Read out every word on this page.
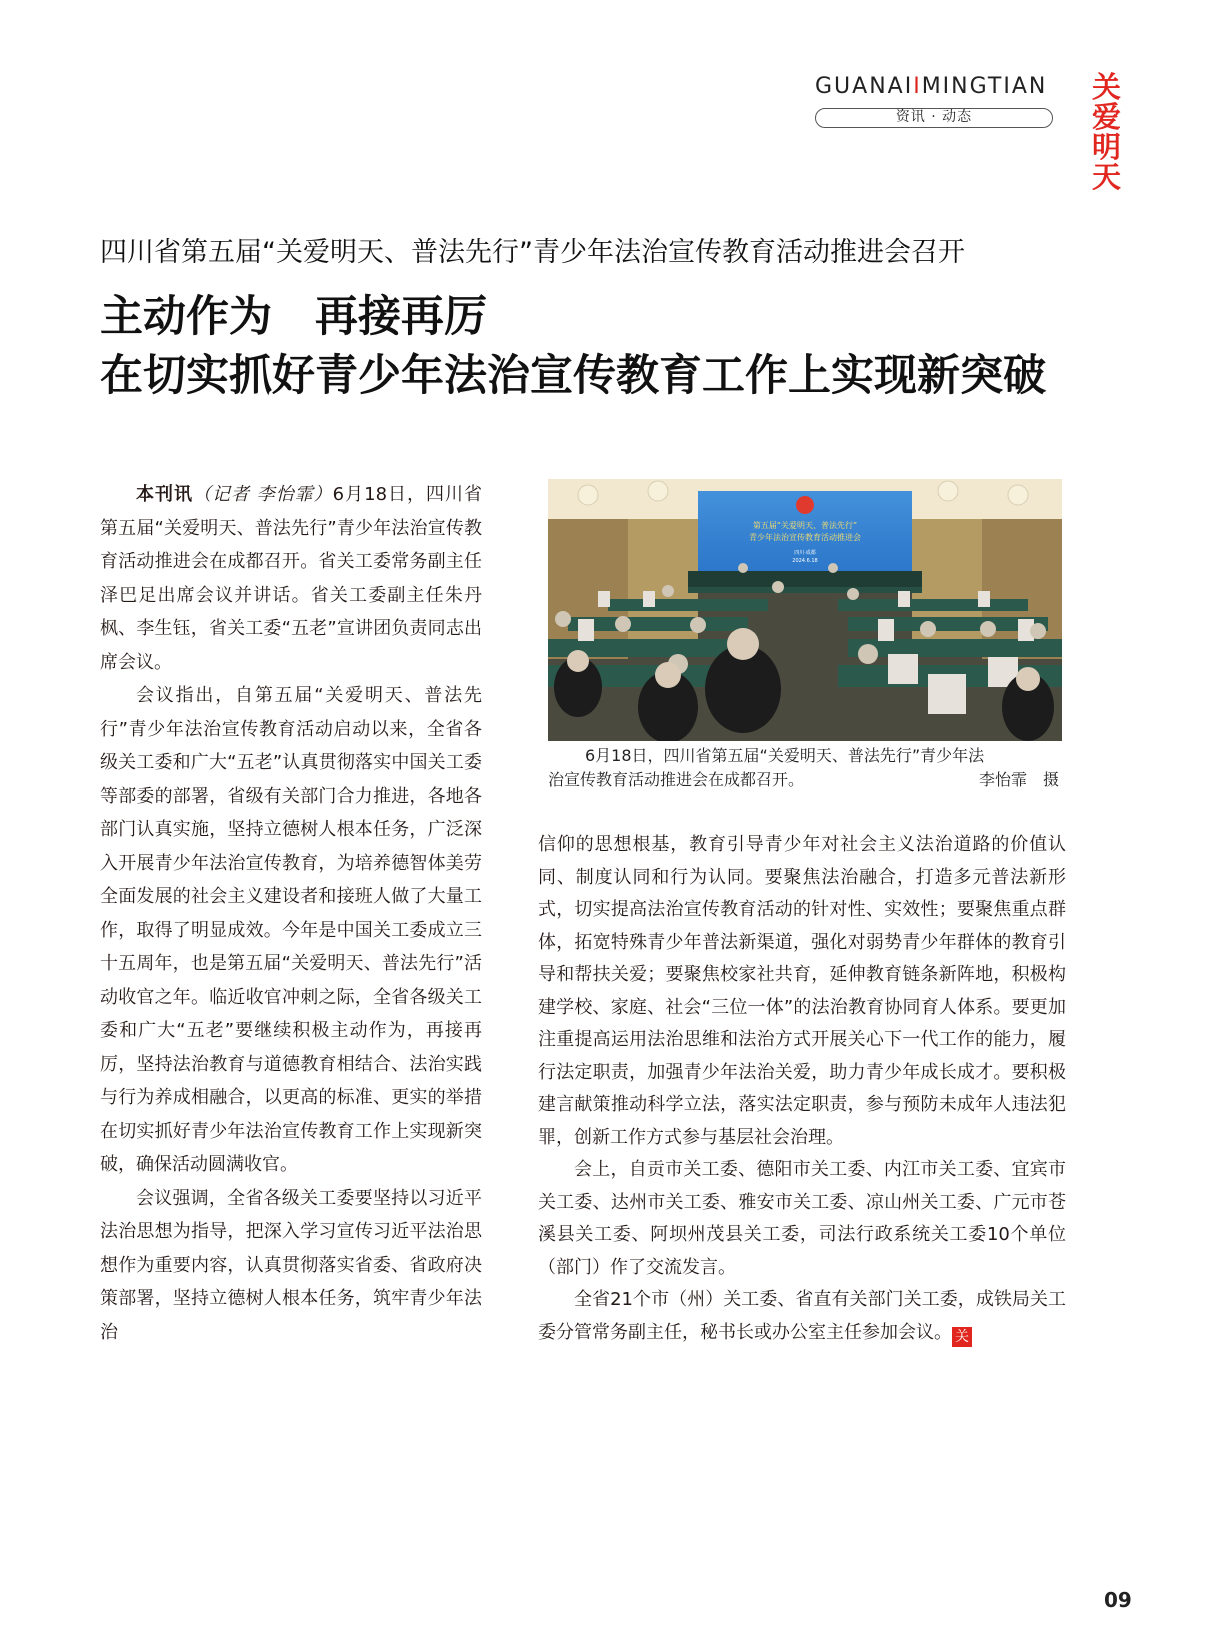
GUANAIIMINGTIAN
资讯 · 动态
关爱
明天
四川省第五届“关爱明天、普法先行”青少年法治宣传教育活动推进会召开
主动作为　再接再厉
在切实抓好青少年法治宣传教育工作上实现新突破

本刊讯（记者 李怡霏）6月18日，四川省第五届“关爱明天、普法先行”青少年法治宣传教育活动推进会在成都召开。省关工委常务副主任泽巴足出席会议并讲话。省关工委副主任朱丹枫、李生钰，省关工委“五老”宣讲团负责同志出席会议。

会议指出，自第五届“关爱明天、普法先行”青少年法治宣传教育活动启动以来，全省各级关工委和广大“五老”认真贯彻落实中国关工委等部委的部署，省级有关部门合力推进，各地各部门认真实施，坚持立德树人根本任务，广泛深入开展青少年法治宣传教育，为培养德智体美劳全面发展的社会主义建设者和接班人做了大量工作，取得了明显成效。今年是中国关工委成立三十五周年，也是第五届“关爱明天、普法先行”活动收官之年。临近收官冲刺之际，全省各级关工委和广大“五老”要继续积极主动作为，再接再厉，坚持法治教育与道德教育相结合、法治实践与行为养成相融合，以更高的标准、更实的举措在切实抓好青少年法治宣传教育工作上实现新突破，确保活动圆满收官。

会议强调，全省各级关工委要坚持以习近平法治思想为指导，把深入学习宣传习近平法治思想作为重要内容，认真贯彻落实省委、省政府决策部署，坚持立德树人根本任务，筑牢青少年法治

第五届“关爱明天、普法先行”
青少年法治宣传教育活动推进会
四川·成都
2024.6.18
6月18日，四川省第五届“关爱明天、普法先行”青少年法
治宣传教育活动推进会在成都召开。	李怡霏　摄

信仰的思想根基，教育引导青少年对社会主义法治道路的价值认同、制度认同和行为认同。要聚焦法治融合，打造多元普法新形式，切实提高法治宣传教育活动的针对性、实效性；要聚焦重点群体，拓宽特殊青少年普法新渠道，强化对弱势青少年群体的教育引导和帮扶关爱；要聚焦校家社共育，延伸教育链条新阵地，积极构建学校、家庭、社会“三位一体”的法治教育协同育人体系。要更加注重提高运用法治思维和法治方式开展关心下一代工作的能力，履行法定职责，加强青少年法治关爱，助力青少年成长成才。要积极建言献策推动科学立法，落实法定职责，参与预防未成年人违法犯罪，创新工作方式参与基层社会治理。

会上，自贡市关工委、德阳市关工委、内江市关工委、宜宾市关工委、达州市关工委、雅安市关工委、凉山州关工委、广元市苍溪县关工委、阿坝州茂县关工委，司法行政系统关工委10个单位（部门）作了交流发言。

全省21个市（州）关工委、省直有关部门关工委，成铁局关工委分管常务副主任，秘书长或办公室主任参加会议。 关

09
